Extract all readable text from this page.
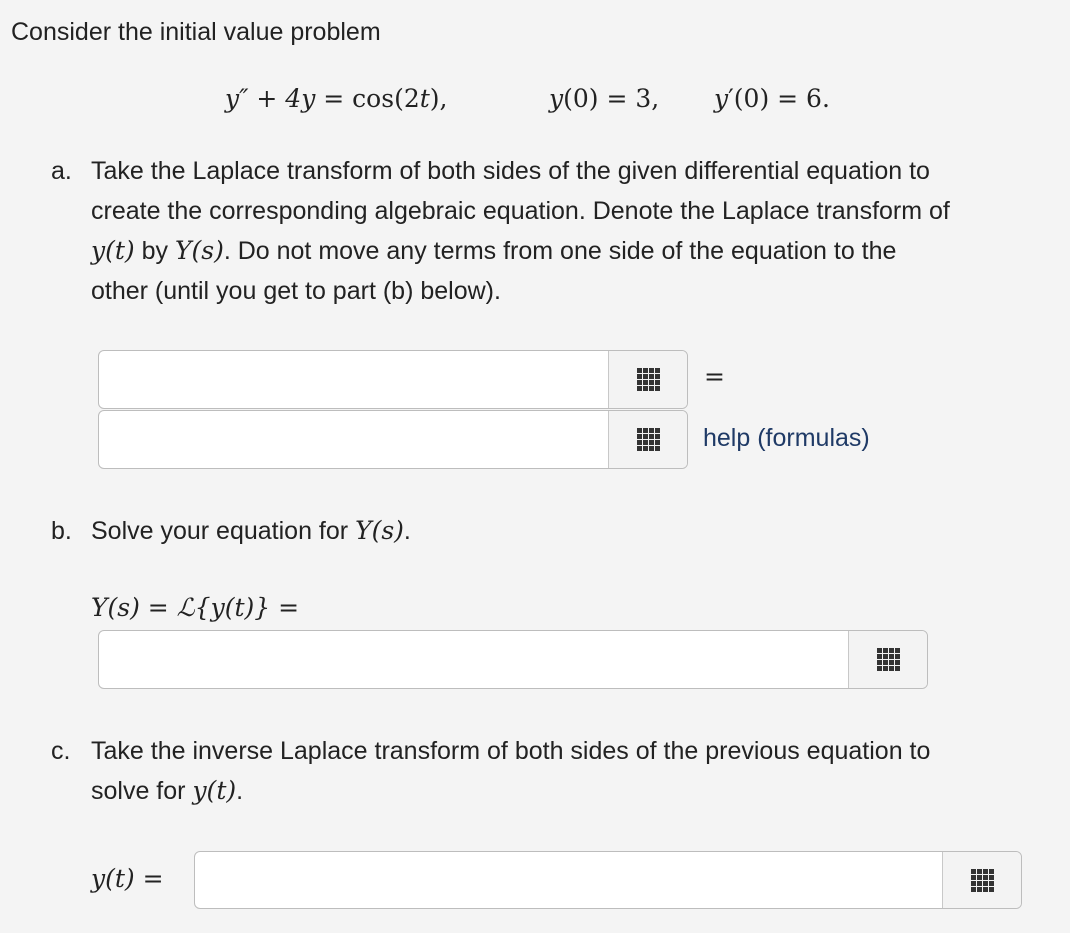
Consider the initial value problem
y″ + 4y = cos(2t),	y(0) = 3, y′(0) = 6.
a. Take the Laplace transform of both sides of the given differential equation to
create the corresponding algebraic equation. Denote the Laplace transform of
y(t) by Y(s). Do not move any terms from one side of the equation to the
other (until you get to part (b) below).
=
help (formulas)
b. Solve your equation for Y(s).
Y(s) = ℒ{y(t)} =
c. Take the inverse Laplace transform of both sides of the previous equation to
solve for y(t).
y(t) =
